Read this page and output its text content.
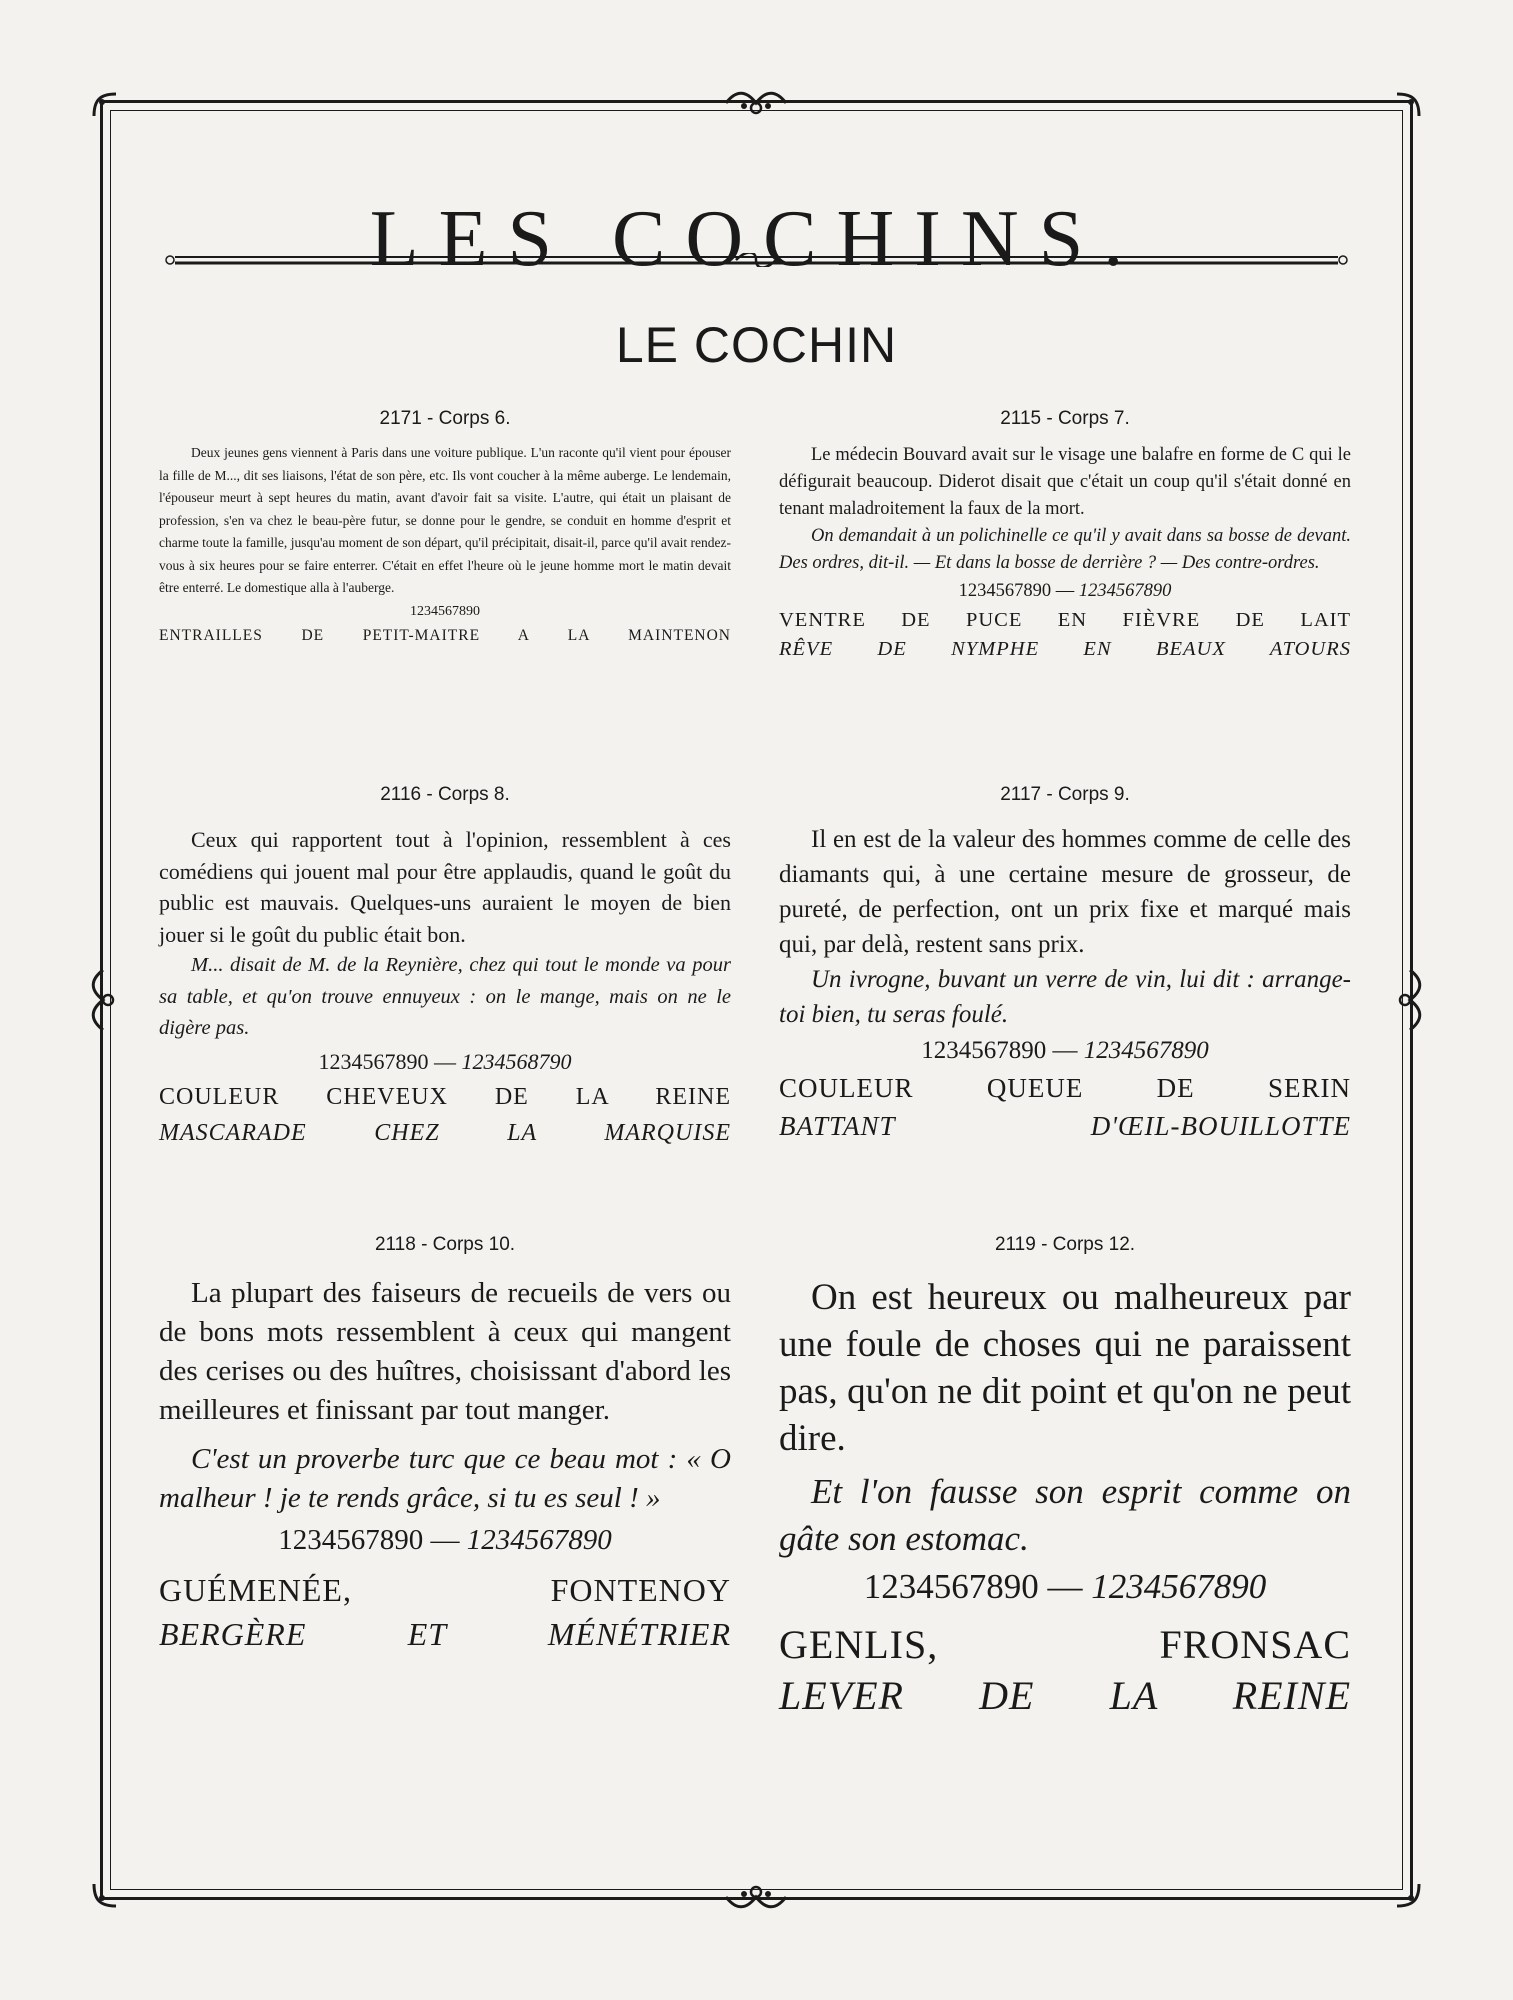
LES COCHINS.
LE COCHIN

2171 - Corps 6.

Deux jeunes gens viennent à Paris dans une voiture publique. L'un raconte qu'il vient pour épouser la fille de M..., dit ses liaisons, l'état de son père, etc. Ils vont coucher à la même auberge. Le lendemain, l'épouseur meurt à sept heures du matin, avant d'avoir fait sa visite. L'autre, qui était un plaisant de profession, s'en va chez le beau-père futur, se donne pour le gendre, se conduit en homme d'esprit et charme toute la famille, jusqu'au moment de son départ, qu'il précipitait, disait-il, parce qu'il avait rendez-vous à six heures pour se faire enterrer. C'était en effet l'heure où le jeune homme mort le matin devait être enterré. Le domestique alla à l'auberge.

1234567890

ENTRAILLES DE PETIT-MAITRE A LA MAINTENON

2115 - Corps 7.

Le médecin Bouvard avait sur le visage une balafre en forme de C qui le défigurait beaucoup. Diderot disait que c'était un coup qu'il s'était donné en tenant maladroitement la faux de la mort.

On demandait à un polichinelle ce qu'il y avait dans sa bosse de devant. Des ordres, dit-il. — Et dans la bosse de derrière ? — Des contre-ordres.

1234567890 — 1234567890

VENTRE DE PUCE EN FIÈVRE DE LAIT

RÊVE DE NYMPHE EN BEAUX ATOURS

2116 - Corps 8.

Ceux qui rapportent tout à l'opinion, ressemblent à ces comédiens qui jouent mal pour être applaudis, quand le goût du public est mauvais. Quelques-uns auraient le moyen de bien jouer si le goût du public était bon.

M... disait de M. de la Reynière, chez qui tout le monde va pour sa table, et qu'on trouve ennuyeux : on le mange, mais on ne le digère pas.

1234567890 — 1234568790

COULEUR CHEVEUX DE LA REINE

MASCARADE CHEZ LA MARQUISE

2117 - Corps 9.

Il en est de la valeur des hommes comme de celle des diamants qui, à une certaine mesure de grosseur, de pureté, de perfection, ont un prix fixe et marqué mais qui, par delà, restent sans prix.

Un ivrogne, buvant un verre de vin, lui dit : arrange-toi bien, tu seras foulé.

1234567890 — 1234567890

COULEUR QUEUE DE SERIN

BATTANT D'ŒIL-BOUILLOTTE

2118 - Corps 10.

La plupart des faiseurs de recueils de vers ou de bons mots ressemblent à ceux qui mangent des cerises ou des huîtres, choisissant d'abord les meilleures et finissant par tout manger.

C'est un proverbe turc que ce beau mot : « O malheur ! je te rends grâce, si tu es seul ! »

1234567890 — 1234567890

GUÉMENÉE, FONTENOY

BERGÈRE ET MÉNÉTRIER

2119 - Corps 12.

On est heureux ou malheureux par une foule de choses qui ne paraissent pas, qu'on ne dit point et qu'on ne peut dire.

Et l'on fausse son esprit comme on gâte son estomac.

1234567890 — 1234567890

GENLIS, FRONSAC

LEVER DE LA REINE
